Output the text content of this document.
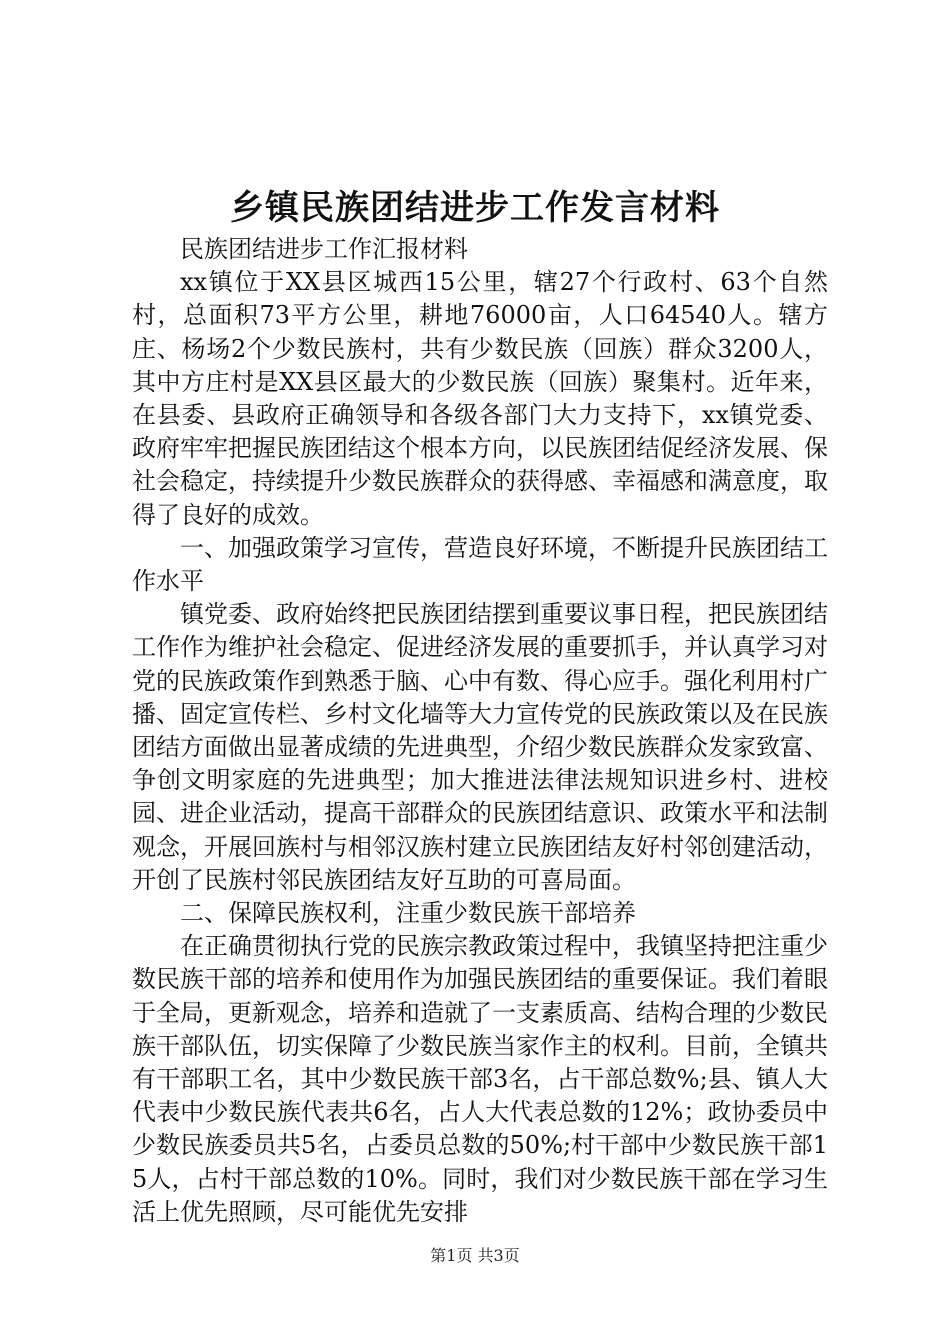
乡镇民族团结进步工作发言材料

民族团结进步工作汇报材料

xx镇位于XX县区城西15公里，辖27个行政村、63个自然村，总面积73平方公里，耕地76000亩，人口64540人。辖方庄、杨场2个少数民族村，共有少数民族（回族）群众3200人，其中方庄村是XX县区最大的少数民族（回族）聚集村。近年来，在县委、县政府正确领导和各级各部门大力支持下，xx镇党委、政府牢牢把握民族团结这个根本方向，以民族团结促经济发展、保社会稳定，持续提升少数民族群众的获得感、幸福感和满意度，取得了良好的成效。

一、加强政策学习宣传，营造良好环境，不断提升民族团结工作水平

镇党委、政府始终把民族团结摆到重要议事日程，把民族团结工作作为维护社会稳定、促进经济发展的重要抓手，并认真学习对党的民族政策作到熟悉于脑、心中有数、得心应手。强化利用村广播、固定宣传栏、乡村文化墙等大力宣传党的民族政策以及在民族团结方面做出显著成绩的先进典型，介绍少数民族群众发家致富、争创文明家庭的先进典型；加大推进法律法规知识进乡村、进校园、进企业活动，提高干部群众的民族团结意识、政策水平和法制观念，开展回族村与相邻汉族村建立民族团结友好村邻创建活动，开创了民族村邻民族团结友好互助的可喜局面。

二、保障民族权利，注重少数民族干部培养

在正确贯彻执行党的民族宗教政策过程中，我镇坚持把注重少数民族干部的培养和使用作为加强民族团结的重要保证。我们着眼于全局，更新观念，培养和造就了一支素质高、结构合理的少数民族干部队伍，切实保障了少数民族当家作主的权利。目前，全镇共有干部职工名，其中少数民族干部3名，占干部总数%;县、镇人大代表中少数民族代表共6名，占人大代表总数的12%；政协委员中少数民族委员共5名，占委员总数的50%;村干部中少数民族干部15人，占村干部总数的10%。同时，我们对少数民族干部在学习生活上优先照顾，尽可能优先安排

第1页 共3页
